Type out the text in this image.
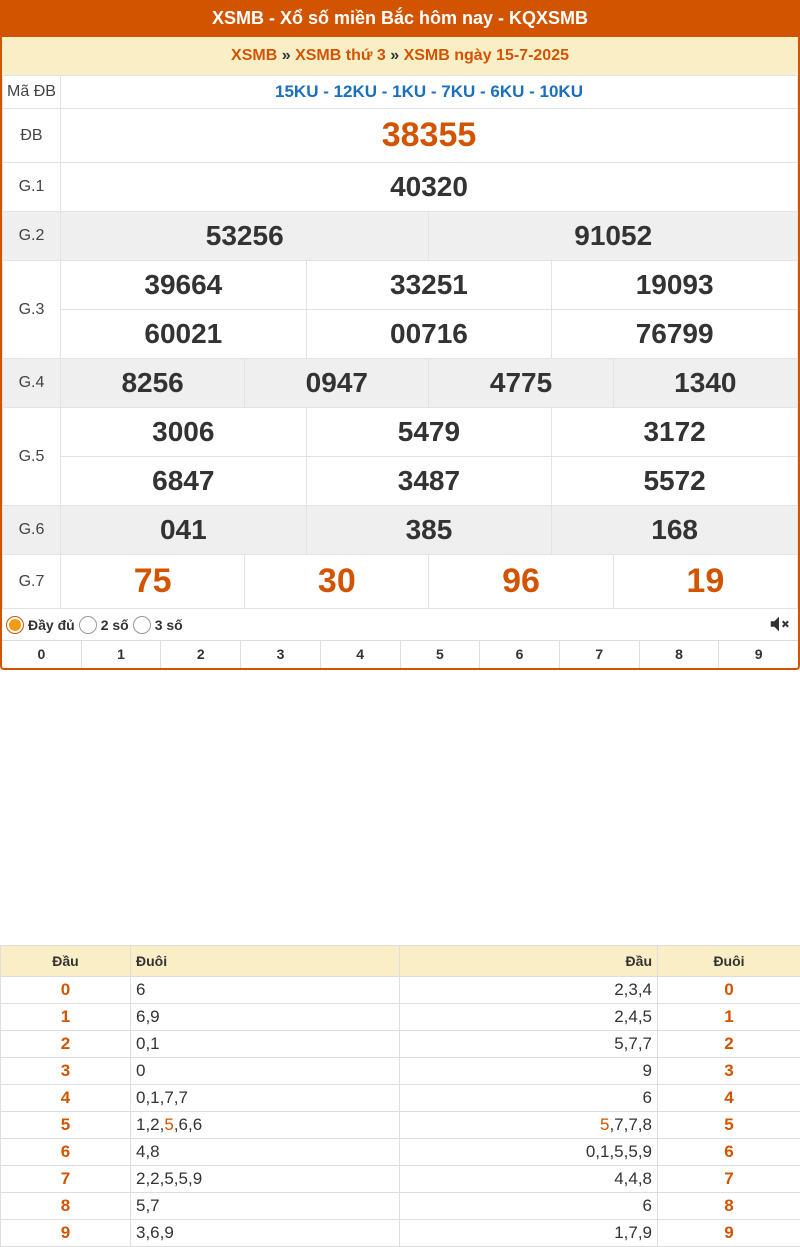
XSMB - Xổ số miền Bắc hôm nay - KQXSMB
XSMB » XSMB thứ 3 » XSMB ngày 15-7-2025
Mã ĐB	15KU - 12KU - 1KU - 7KU - 6KU - 10KU					
ĐB	38355					
G.1	40320					
G.2	53256			91052		
G.3	39664		33251		19093	
	60021		00716		76799	
G.4	8256	0947		4775		1340
G.5	3006		5479		3172	
	6847		3487		5572	
G.6	041		385		168	
G.7	75	30		96		19
Đầy đủ 2 số 3 số
0	1	2	3	4	5	6	7	8	9
Đầu	Đuôi	Đầu	Đuôi
0	6	2,3,4	0
1	6,9	2,4,5	1
2	0,1	5,7,7	2
3	0	9	3
4	0,1,7,7	6	4
5	1,2,5,6,6	5,7,7,8	5
6	4,8	0,1,5,5,9	6
7	2,2,5,5,9	4,4,8	7
8	5,7	6	8
9	3,6,9	1,7,9	9
